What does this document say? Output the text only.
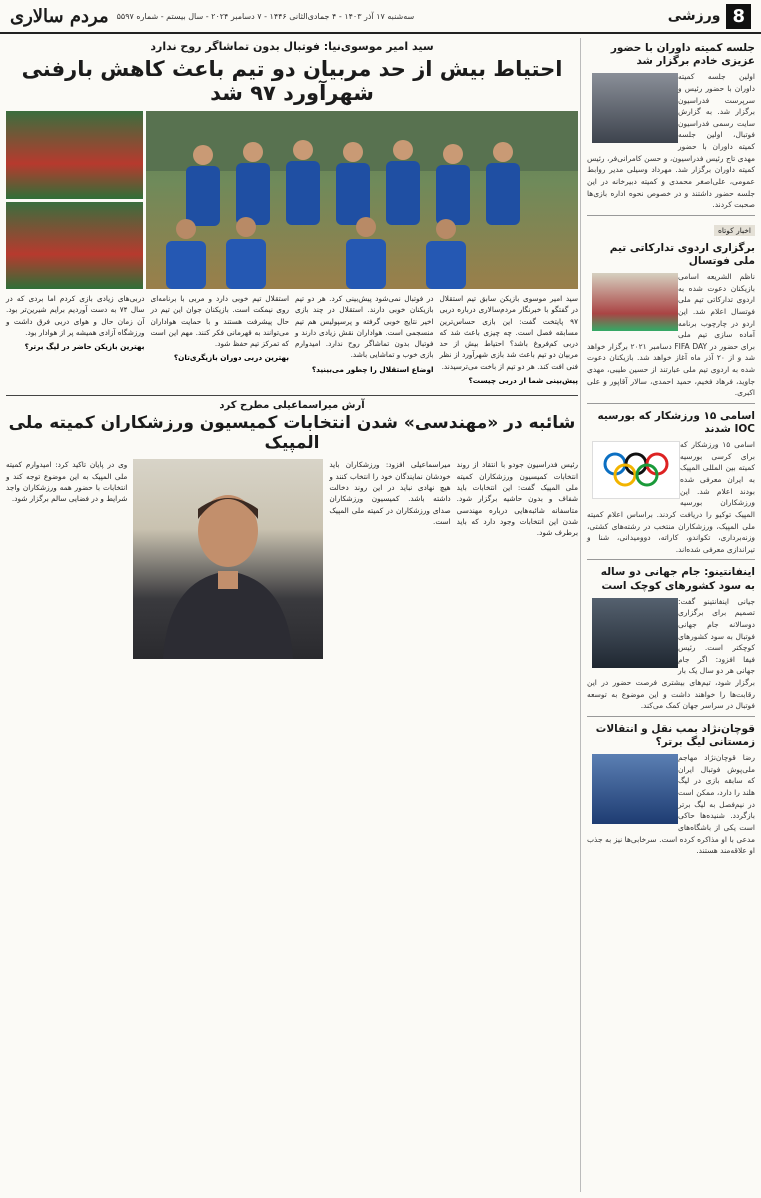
8
ورزشی
سه‌شنبه ۱۷ آذر ۱۴۰۳ - ۴ جمادی‌الثانی ۱۴۴۶ - ۷ دسامبر ۲۰۲۴ - سال بیستم - شماره ۵۵۹۷
مردم سالاری
جلسه کمیته داوران با حضور عزیزی خادم برگزار شد

اولین جلسه کمیته داوران با حضور رئیس و سرپرست فدراسیون برگزار شد. به گزارش سایت رسمی فدراسیون فوتبال، اولین جلسه کمیته داوران با حضور مهدی تاج رئیس فدراسیون، و حسن کامرانی‌فر، رئیس کمیته داوران برگزار شد. مهرداد وسیلی مدیر روابط عمومی، علی‌اصغر محمدی و کمیته دبیرخانه در این جلسه حضور داشتند و در خصوص نحوه اداره بازی‌ها صحبت کردند.

اخبار کوتاه
برگزاری اردوی تدارکاتی تیم ملی فوتسال

ناظم الشریعه اسامی بازیکنان دعوت شده به اردوی تدارکاتی تیم ملی فوتسال اعلام شد. این اردو در چارچوب برنامه آماده سازی تیم ملی برای حضور در FIFA DAY دسامبر ۲۰۲۱ برگزار خواهد شد و از ۲۰ آذر ماه آغاز خواهد شد. بازیکنان دعوت شده به اردوی تیم ملی عبارتند از حسین طیبی، مهدی جاوید، فرهاد فخیم، حمید احمدی، سالار آقاپور و علی اکبری.

اسامی ۱۵ ورزشکار که بورسیه IOC شدند

اسامی ۱۵ ورزشکار که برای کرسی بورسیه کمیته بین المللی المپیک به ایران معرفی شده بودند اعلام شد. این ورزشکاران بورسیه المپیک توکیو را دریافت کردند. براساس اعلام کمیته ملی المپیک، ورزشکاران منتخب در رشته‌های کشتی، وزنه‌برداری، تکواندو، کاراته، دوومیدانی، شنا و تیراندازی معرفی شده‌اند.

اینفانتینو: جام جهانی دو ساله به سود کشورهای کوچک است

جیانی اینفانتینو گفت: تصمیم برای برگزاری دوسالانه جام جهانی فوتبال به سود کشورهای کوچکتر است. رئیس فیفا افزود: اگر جام جهانی هر دو سال یک بار برگزار شود، تیم‌های بیشتری فرصت حضور در این رقابت‌ها را خواهند داشت و این موضوع به توسعه فوتبال در سراسر جهان کمک می‌کند.

قوچان‌نژاد بمب نقل و انتقالات زمستانی لیگ برتر؟

رضا قوچان‌نژاد مهاجم ملی‌پوش فوتبال ایران که سابقه بازی در لیگ هلند را دارد، ممکن است در نیم‌فصل به لیگ برتر بازگردد. شنیده‌ها حاکی است یکی از باشگاه‌های مدعی با او مذاکره کرده است. سرخابی‌ها نیز به جذب او علاقه‌مند هستند.

سید امیر موسوی‌نیا: فوتبال بدون تماشاگر روح ندارد
احتیاط بیش از حد مربیان دو تیم باعث کاهش بارفنی شهرآورد ۹۷ شد

سید امیر موسوی بازیکن سابق تیم استقلال در گفتگو با خبرنگار مردم‌سالاری درباره دربی ۹۷ پایتخت گفت: این بازی حساس‌ترین مسابقه فصل است. چه چیزی باعث شد که دربی کم‌فروغ باشد؟ احتیاط بیش از حد مربیان دو تیم باعث شد بازی شهرآورد از نظر فنی افت کند. هر دو تیم از باخت می‌ترسیدند.

پیش‌بینی شما از دربی چیست؟

در فوتبال نمی‌شود پیش‌بینی کرد. هر دو تیم بازیکنان خوبی دارند. استقلال در چند بازی اخیر نتایج خوبی گرفته و پرسپولیس هم تیم منسجمی است. هواداران نقش زیادی دارند و فوتبال بدون تماشاگر روح ندارد. امیدوارم بازی خوب و تماشایی باشد.

اوضاع استقلال را چطور می‌بینید؟

استقلال تیم خوبی دارد و مربی با برنامه‌ای روی نیمکت است. بازیکنان جوان این تیم در حال پیشرفت هستند و با حمایت هواداران می‌توانند به قهرمانی فکر کنند. مهم این است که تمرکز تیم حفظ شود.

بهترین دربی دوران بازیگری‌تان؟

دربی‌های زیادی بازی کردم اما بردی که در سال ۷۴ به دست آوردیم برایم شیرین‌تر بود. آن زمان حال و هوای دربی فرق داشت و ورزشگاه آزادی همیشه پر از هوادار بود.

بهترین بازیکن حاضر در لیگ برتر؟

آرش میراسماعیلی مطرح کرد
شائبه در «مهندسی» شدن انتخابات کمیسیون ورزشکاران کمیته ملی المپیک

رئیس فدراسیون جودو با انتقاد از روند انتخابات کمیسیون ورزشکاران کمیته ملی المپیک گفت: این انتخابات باید شفاف و بدون حاشیه برگزار شود. متاسفانه شائبه‌هایی درباره مهندسی شدن این انتخابات وجود دارد که باید برطرف شود.

میراسماعیلی افزود: ورزشکاران باید خودشان نمایندگان خود را انتخاب کنند و هیچ نهادی نباید در این روند دخالت داشته باشد. کمیسیون ورزشکاران صدای ورزشکاران در کمیته ملی المپیک است.

وی در پایان تاکید کرد: امیدوارم کمیته ملی المپیک به این موضوع توجه کند و انتخابات با حضور همه ورزشکاران واجد شرایط و در فضایی سالم برگزار شود.
